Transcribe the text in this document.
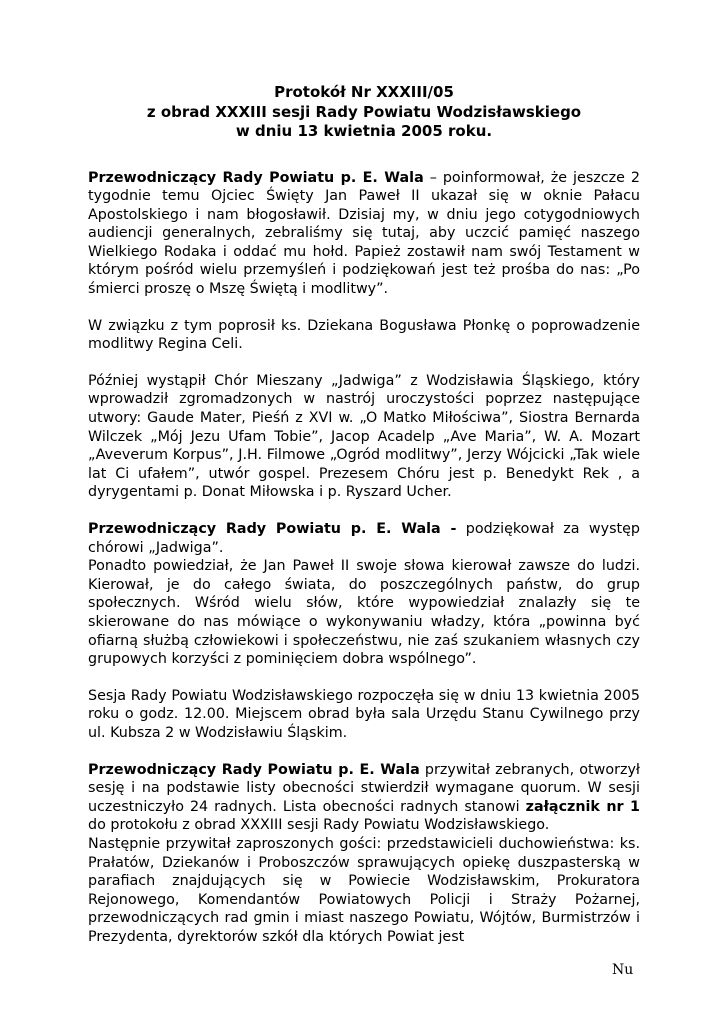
Protokół Nr XXXIII/05
z obrad XXXIII sesji Rady Powiatu Wodzisławskiego
w dniu 13 kwietnia 2005 roku.

Przewodniczący Rady Powiatu p. E. Wala – poinformował, że jeszcze 2 tygodnie temu Ojciec Święty Jan Paweł II ukazał się w oknie Pałacu Apostolskiego i nam błogosławił. Dzisiaj my, w dniu jego cotygodniowych audiencji generalnych, zebraliśmy się tutaj, aby uczcić pamięć naszego Wielkiego Rodaka i oddać mu hołd. Papież zostawił nam swój Testament w którym pośród wielu przemyśleń i podziękowań jest też prośba do nas: „Po śmierci proszę o Mszę Świętą i modlitwy”.

W związku z tym poprosił ks. Dziekana Bogusława Płonkę o poprowadzenie modlitwy Regina Celi.

Później wystąpił Chór Mieszany „Jadwiga” z Wodzisławia Śląskiego, który wprowadził zgromadzonych w nastrój uroczystości poprzez następujące utwory: Gaude Mater, Pieśń z XVI w. „O Matko Miłościwa”, Siostra Bernarda Wilczek „Mój Jezu Ufam Tobie”, Jacop Acadelp „Ave Maria”, W. A. Mozart „Aveverum Korpus”, J.H. Filmowe „Ogród modlitwy”, Jerzy Wójcicki „Tak wiele lat Ci ufałem”, utwór gospel. Prezesem Chóru jest p. Benedykt Rek , a dyrygentami p. Donat Miłowska i p. Ryszard Ucher.

Przewodniczący Rady Powiatu p. E. Wala - podziękował za występ chórowi „Jadwiga”.

Ponadto powiedział, że Jan Paweł II swoje słowa kierował zawsze do ludzi. Kierował, je do całego świata, do poszczególnych państw, do grup społecznych. Wśród wielu słów, które wypowiedział znalazły się te skierowane do nas mówiące o wykonywaniu władzy, która „powinna być ofiarną służbą człowiekowi i społeczeństwu, nie zaś szukaniem własnych czy grupowych korzyści z pominięciem dobra wspólnego”.

Sesja Rady Powiatu Wodzisławskiego rozpoczęła się w dniu 13 kwietnia 2005 roku o godz. 12.00. Miejscem obrad była sala Urzędu Stanu Cywilnego przy ul. Kubsza 2 w Wodzisławiu Śląskim.

Przewodniczący Rady Powiatu p. E. Wala przywitał zebranych, otworzył sesję i na podstawie listy obecności stwierdził wymagane quorum. W sesji uczestniczyło 24 radnych. Lista obecności radnych stanowi załącznik nr 1 do protokołu z obrad XXXIII sesji Rady Powiatu Wodzisławskiego.

Następnie przywitał zaproszonych gości: przedstawicieli duchowieństwa: ks. Prałatów, Dziekanów i Proboszczów sprawujących opiekę duszpasterską w parafiach znajdujących się w Powiecie Wodzisławskim, Prokuratora Rejonowego, Komendantów Powiatowych Policji i Straży Pożarnej, przewodniczących rad gmin i miast naszego Powiatu, Wójtów, Burmistrzów i Prezydenta, dyrektorów szkół dla których Powiat jest

Nu
